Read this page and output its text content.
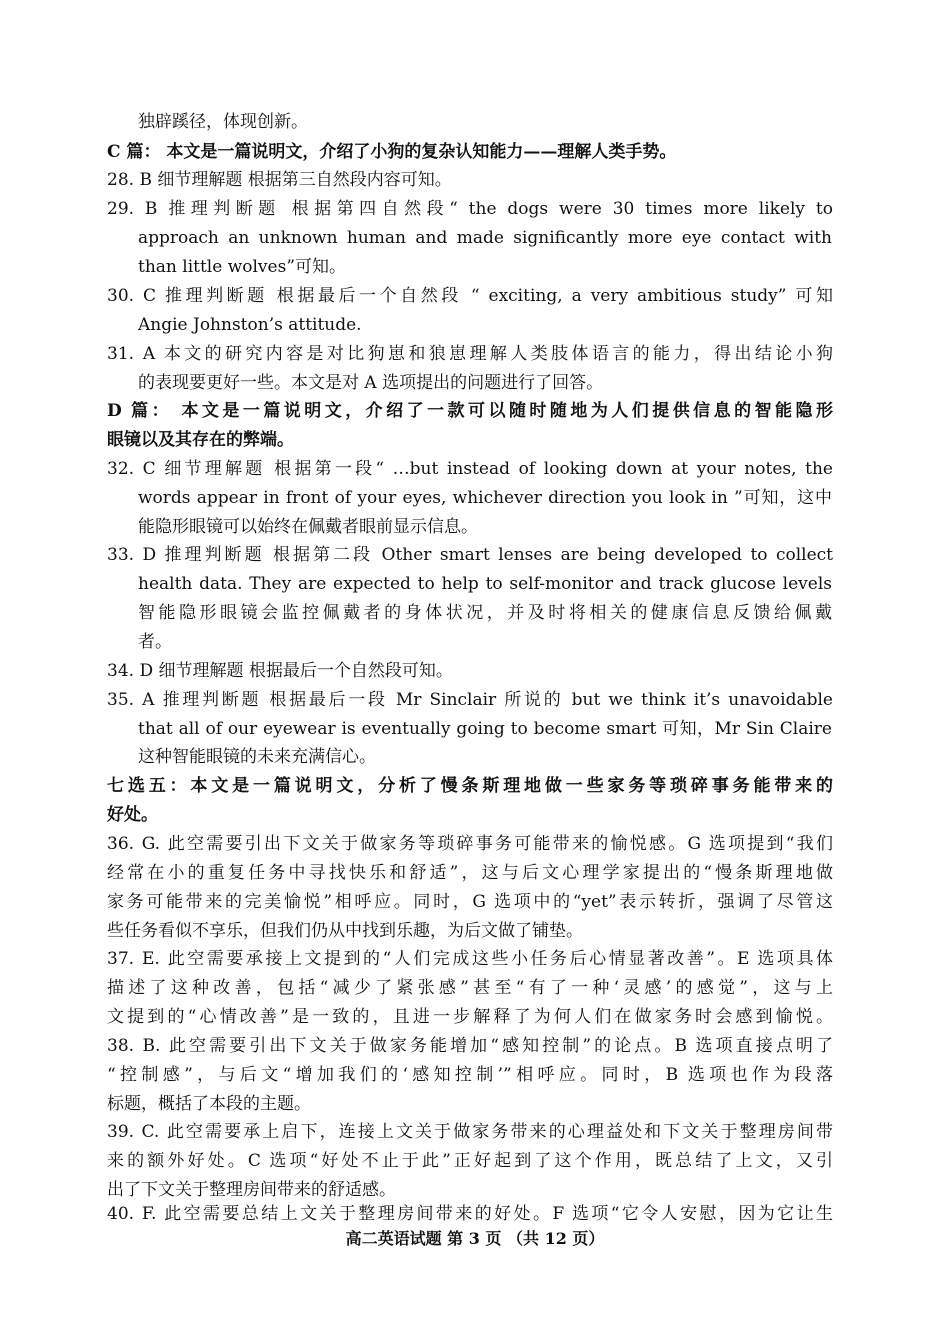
独辟蹊径，体现创新。
C 篇： 本文是一篇说明文，介绍了小狗的复杂认知能力——理解人类手势。
28. B 细节理解题 根据第三自然段内容可知。
29. B 推理判断题 根据第四自然段“ the dogs were 30 times more likely to
approach an unknown human and made significantly more eye contact with
than little wolves”可知。
30. C 推理判断题 根据最后一个自然段 “ exciting, a very ambitious study” 可知
Angie Johnston’s attitude.
31. A 本文的研究内容是对比狗崽和狼崽理解人类肢体语言的能力，得出结论小狗
的表现要更好一些。本文是对 A 选项提出的问题进行了回答。
D 篇： 本文是一篇说明文，介绍了一款可以随时随地为人们提供信息的智能隐形
眼镜以及其存在的弊端。
32. C 细节理解题 根据第一段“ …but instead of looking down at your notes, the
words appear in front of your eyes, whichever direction you look in ”可知，这中
能隐形眼镜可以始终在佩戴者眼前显示信息。
33. D 推理判断题 根据第二段 Other smart lenses are being developed to collect
health data. They are expected to help to self-monitor and track glucose levels
智能隐形眼镜会监控佩戴者的身体状况，并及时将相关的健康信息反馈给佩戴
者。
34. D 细节理解题 根据最后一个自然段可知。
35. A 推理判断题 根据最后一段 Mr Sinclair 所说的 but we think it’s unavoidable
that all of our eyewear is eventually going to become smart 可知，Mr Sin Claire
这种智能眼镜的未来充满信心。
七选五：本文是一篇说明文，分析了慢条斯理地做一些家务等琐碎事务能带来的
好处。
36. G. 此空需要引出下文关于做家务等琐碎事务可能带来的愉悦感。G 选项提到“我们
经常在小的重复任务中寻找快乐和舒适”，这与后文心理学家提出的“慢条斯理地做
家务可能带来的完美愉悦”相呼应。同时，G 选项中的“yet”表示转折，强调了尽管这
些任务看似不享乐，但我们仍从中找到乐趣，为后文做了铺垫。
37. E. 此空需要承接上文提到的“人们完成这些小任务后心情显著改善”。E 选项具体
描述了这种改善，包括“减少了紧张感”甚至“有了一种‘灵感’的感觉”，这与上
文提到的“心情改善”是一致的，且进一步解释了为何人们在做家务时会感到愉悦。
38. B. 此空需要引出下文关于做家务能增加“感知控制”的论点。B 选项直接点明了
“控制感”，与后文“增加我们的‘感知控制’”相呼应。同时，B 选项也作为段落
标题，概括了本段的主题。
39. C. 此空需要承上启下，连接上文关于做家务带来的心理益处和下文关于整理房间带
来的额外好处。C 选项“好处不止于此”正好起到了这个作用，既总结了上文，又引
出了下文关于整理房间带来的舒适感。
40. F. 此空需要总结上文关于整理房间带来的好处。F 选项“它令人安慰，因为它让生
高二英语试题 第 3 页 （共 12 页）
